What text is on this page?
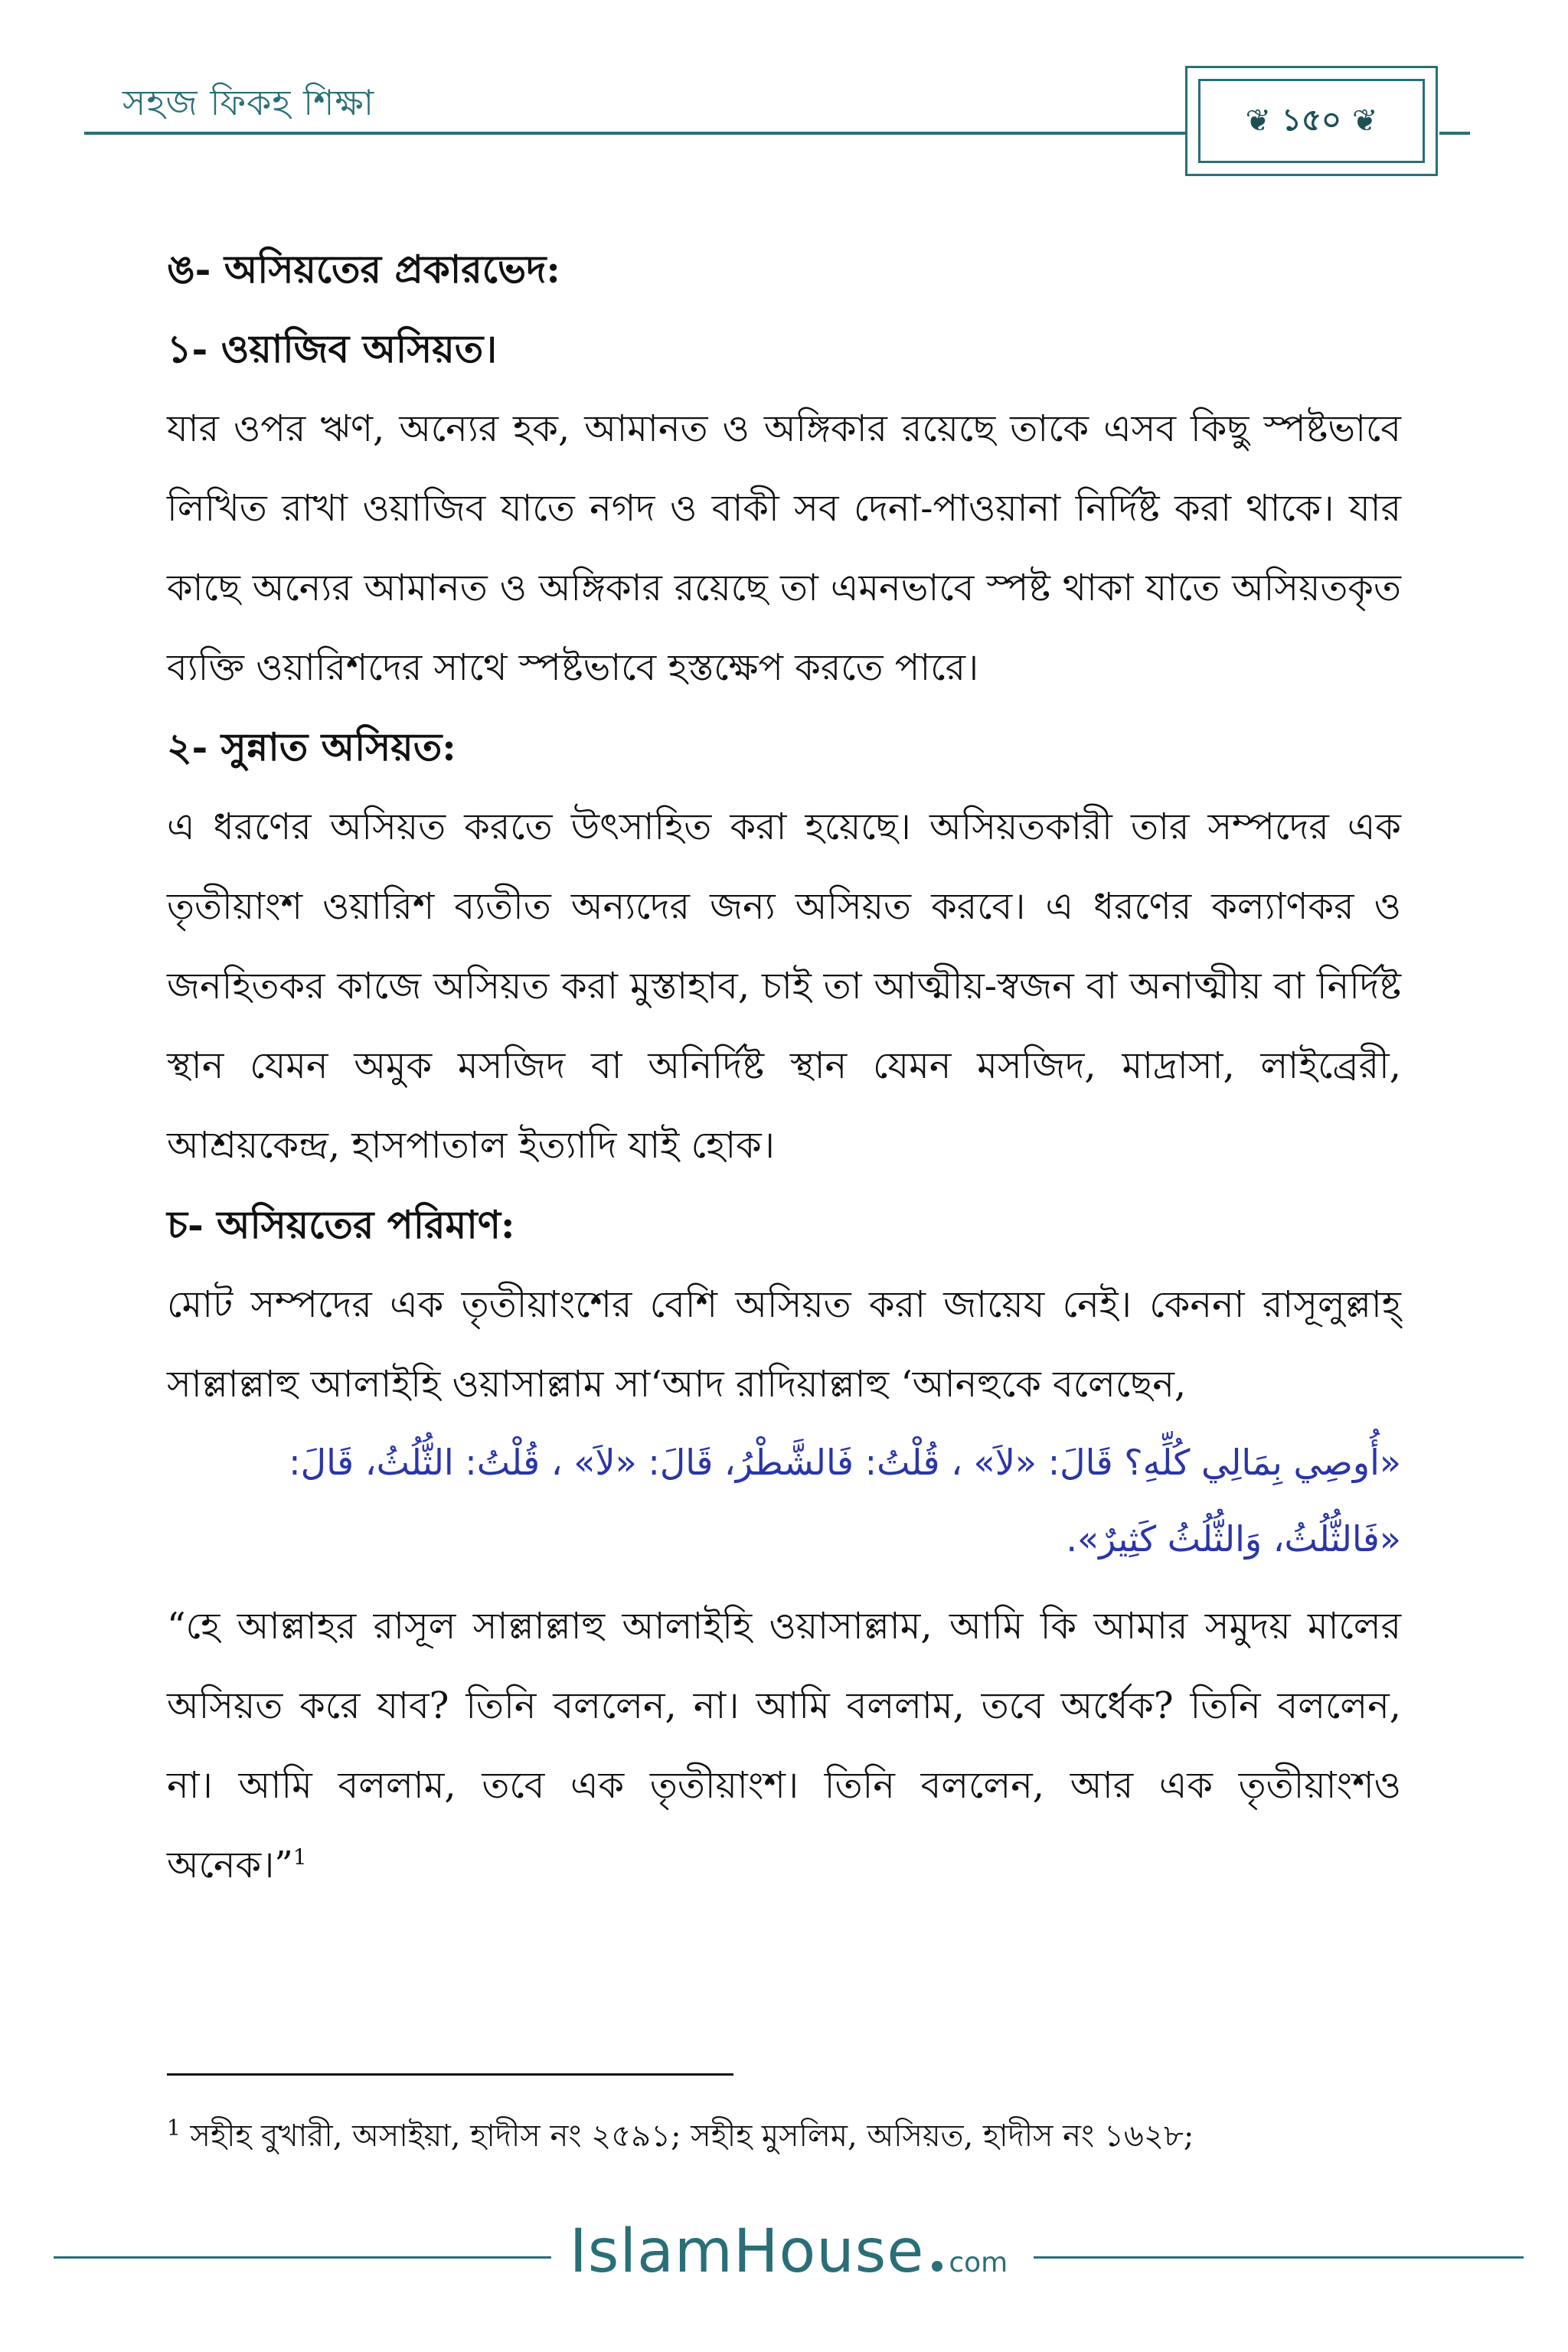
সহজ ফিকহ শিক্ষা	❦ ১৫০ ❦

ঙ- অসিয়তের প্রকারভেদ:

১- ওয়াজিব অসিয়ত।

যার ওপর ঋণ, অন্যের হক, আমানত ও অঙ্গিকার রয়েছে তাকে এসব কিছু স্পষ্টভাবে লিখিত রাখা ওয়াজিব যাতে নগদ ও বাকী সব দেনা-পাওয়ানা নির্দিষ্ট করা থাকে। যার কাছে অন্যের আমানত ও অঙ্গিকার রয়েছে তা এমনভাবে স্পষ্ট থাকা যাতে অসিয়তকৃত ব্যক্তি ওয়ারিশদের সাথে স্পষ্টভাবে হস্তক্ষেপ করতে পারে।

২- সুন্নাত অসিয়ত:

এ ধরণের অসিয়ত করতে উৎসাহিত করা হয়েছে। অসিয়তকারী তার সম্পদের এক তৃতীয়াংশ ওয়ারিশ ব্যতীত অন্যদের জন্য অসিয়ত করবে। এ ধরণের কল্যাণকর ও জনহিতকর কাজে অসিয়ত করা মুস্তাহাব, চাই তা আত্মীয়-স্বজন বা অনাত্মীয় বা নির্দিষ্ট স্থান যেমন অমুক মসজিদ বা অনির্দিষ্ট স্থান যেমন মসজিদ, মাদ্রাসা, লাইব্রেরী, আশ্রয়কেন্দ্র, হাসপাতাল ইত্যাদি যাই হোক।

চ- অসিয়তের পরিমাণ:

মোট সম্পদের এক তৃতীয়াংশের বেশি অসিয়ত করা জায়েয নেই। কেননা রাসূলুল্লাহ্‌ সাল্লাল্লাহু আলাইহি ওয়াসাল্লাম সা‘আদ রাদিয়াল্লাহু ‘আনহুকে বলেছেন,

«أُوصِي بِمَالِي كُلِّهِ؟ قَالَ: «لاَ» ، قُلْتُ: فَالشَّطْرُ، قَالَ: «لاَ» ، قُلْتُ: الثُّلُثُ، قَالَ: «فَالثُّلُثُ، وَالثُّلُثُ كَثِيرٌ».

“হে আল্লাহর রাসূল সাল্লাল্লাহু আলাইহি ওয়াসাল্লাম, আমি কি আমার সমুদয় মালের অসিয়ত করে যাব? তিনি বললেন, না। আমি বললাম, তবে অর্ধেক? তিনি বললেন, না। আমি বললাম, তবে এক তৃতীয়াংশ। তিনি বললেন, আর এক তৃতীয়াংশও অনেক।”$^1$

$^1$ সহীহ বুখারী, অসাইয়া, হাদীস নং ২৫৯১; সহীহ মুসলিম, অসিয়ত, হাদীস নং ১৬২৮;

IslamHouse com
